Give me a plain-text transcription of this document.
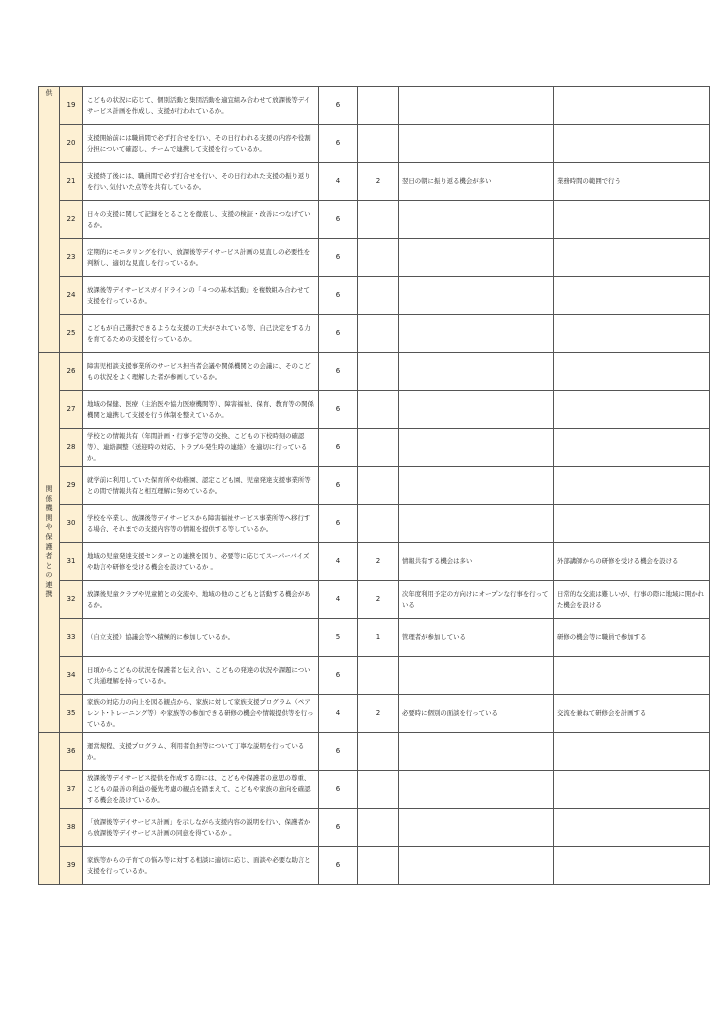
供	19	こどもの状況に応じて、個別活動と集団活動を適宜組み合わせて放課後等デイサービス計画を作成し、支援が行われているか。	6			
	20	支援開始前には職員間で必ず打合せを行い、その日行われる支援の内容や役割分担について確認し、チームで連携して支援を行っているか。	6			
	21	支援終了後には、職員間で必ず打合せを行い、その日行われた支援の振り返りを行い､気付いた点等を共有しているか。	4	2	翌日の朝に振り返る機会が多い	業務時間の範囲で行う
	22	日々の支援に関して記録をとることを徹底し、支援の検証・改善につなげているか。	6			
	23	定期的にモニタリングを行い、放課後等デイサービス計画の見直しの必要性を判断し、適切な見直しを行っているか。	6			
	24	放課後等デイサービスガイドラインの「４つの基本活動」を複数組み合わせて支援を行っているか。	6			
	25	こどもが自己選択できるような支援の工夫がされている等、自己決定をする力を育てるための支援を行っているか。	6			
関係機関や保護者との連携	26	障害児相談支援事業所のサービス担当者会議や関係機関との会議に、そのこどもの状況をよく理解した者が参画しているか。	6			
	27	地域の保健、医療（主治医や協力医療機関等）、障害福祉、保育、教育等の関係機関と連携して支援を行う体制を整えているか。	6			
	28	学校との情報共有（年間計画・行事予定等の交換、こどもの下校時刻の確認等）、連絡調整（送迎時の対応、トラブル発生時の連絡）を適切に行っているか。	6			
	29	就学前に利用していた保育所や幼稚園、認定こども園、児童発達支援事業所等との間で情報共有と相互理解に努めているか。	6			
	30	学校を卒業し、放課後等デイサービスから障害福祉サービス事業所等へ移行する場合、それまでの支援内容等の情報を提供する等しているか。	6			
	31	地域の児童発達支援センターとの連携を図り、必要等に応じてスーパーバイズや助言や研修を受ける機会を設けているか 。	4	2	情報共有する機会は多い	外部講師からの研修を受ける機会を設ける
	32	放課後児童クラブや児童館との交流や、地域の他のこどもと活動する機会があるか。	4	2	次年度利用予定の方向けにオープンな行事を行っている	日常的な交流は難しいが、行事の際に地域に開かれた機会を設ける
	33	（自立支援）協議会等へ積極的に参加しているか。	5	1	管理者が参加している	研修の機会等に職員で参加する
	34	日頃からこどもの状況を保護者と伝え合い、こどもの発達の状況や課題について共通理解を持っているか。	6			
	35	家族の対応力の向上を図る観点から、家族に対して家族支援プログラム（ペアレント･トレーニング等）や家族等の参加できる研修の機会や情報提供等を行っているか。	4	2	必要時に個別の面談を行っている	交流を兼ねて研修会を計画する
	36	運営規程、支援プログラム、利用者負担等について丁寧な説明を行っているか。	6			
	37	放課後等デイサービス提供を作成する際には、こどもや保護者の意思の尊重、こどもの最善の利益の優先考慮の観点を踏まえて、こどもや家族の意向を確認する機会を設けているか。	6			
	38	「放課後等デイサービス計画」を示しながら支援内容の説明を行い、保護者から放課後等デイサービス計画の同意を得ているか 。	6			
	39	家族等からの子育ての悩み等に対する相談に適切に応じ、面談や必要な助言と支援を行っているか。	6			
